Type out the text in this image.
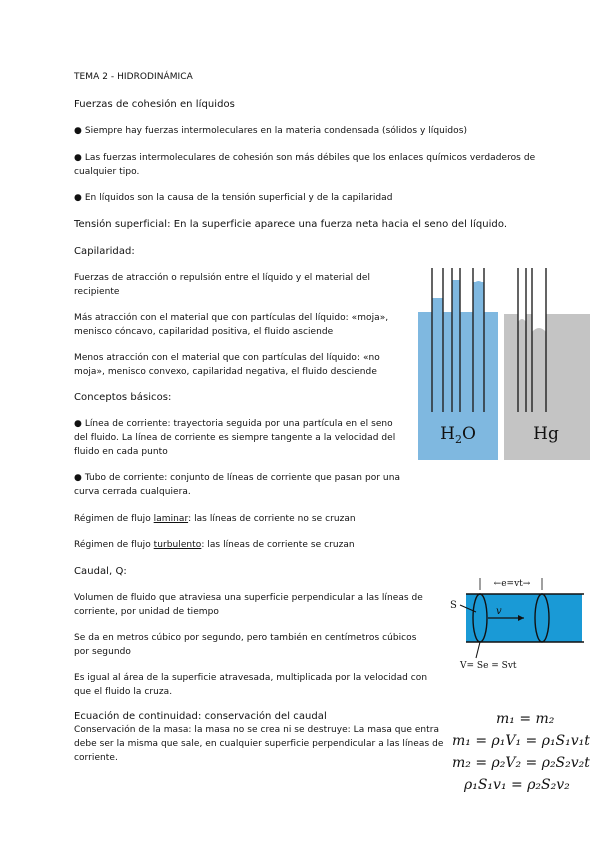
TEMA 2 - HIDRODINÁMICA
Fuerzas de cohesión en líquidos
● Siempre hay fuerzas intermoleculares en la materia condensada (sólidos y líquidos)
● Las fuerzas intermoleculares de cohesión son más débiles que los enlaces químicos verdaderos de
cualquier tipo.
● En líquidos son la causa de la tensión superficial y de la capilaridad
Tensión superficial: En la superficie aparece una fuerza neta hacia el seno del líquido.
Capilaridad:
Fuerzas de atracción o repulsión entre el líquido y el material del
recipiente
Más atracción con el material que con partículas del líquido: «moja»,
menisco cóncavo, capilaridad positiva, el fluido asciende
Menos atracción con el material que con partículas del líquido: «no
moja», menisco convexo, capilaridad negativa, el fluido desciende
Conceptos básicos:
● Línea de corriente: trayectoria seguida por una partícula en el seno
del fluido. La línea de corriente es siempre tangente a la velocidad del
fluido en cada punto
● Tubo de corriente: conjunto de líneas de corriente que pasan por una
curva cerrada cualquiera.
Régimen de flujo laminar: las líneas de corriente no se cruzan
Régimen de flujo turbulento: las líneas de corriente se cruzan
Caudal, Q:
Volumen de fluido que atraviesa una superficie perpendicular a las líneas de
corriente, por unidad de tiempo
Se da en metros cúbico por segundo, pero también en centímetros cúbicos
por segundo
Es igual al área de la superficie atravesada, multiplicada por la velocidad con
que el fluido la cruza.
Ecuación de continuidad: conservación del caudal
Conservación de la masa: la masa no se crea ni se destruye: La masa que entra
debe ser la misma que sale, en cualquier superficie perpendicular a las líneas de
corriente.
$H_2O$	Hg
v
S
←e=vt→
V= Se = Svt
m₁ = m₂
m₁ = ρ₁V₁ = ρ₁S₁v₁t
m₂ = ρ₂V₂ = ρ₂S₂v₂t
ρ₁S₁v₁ = ρ₂S₂v₂
